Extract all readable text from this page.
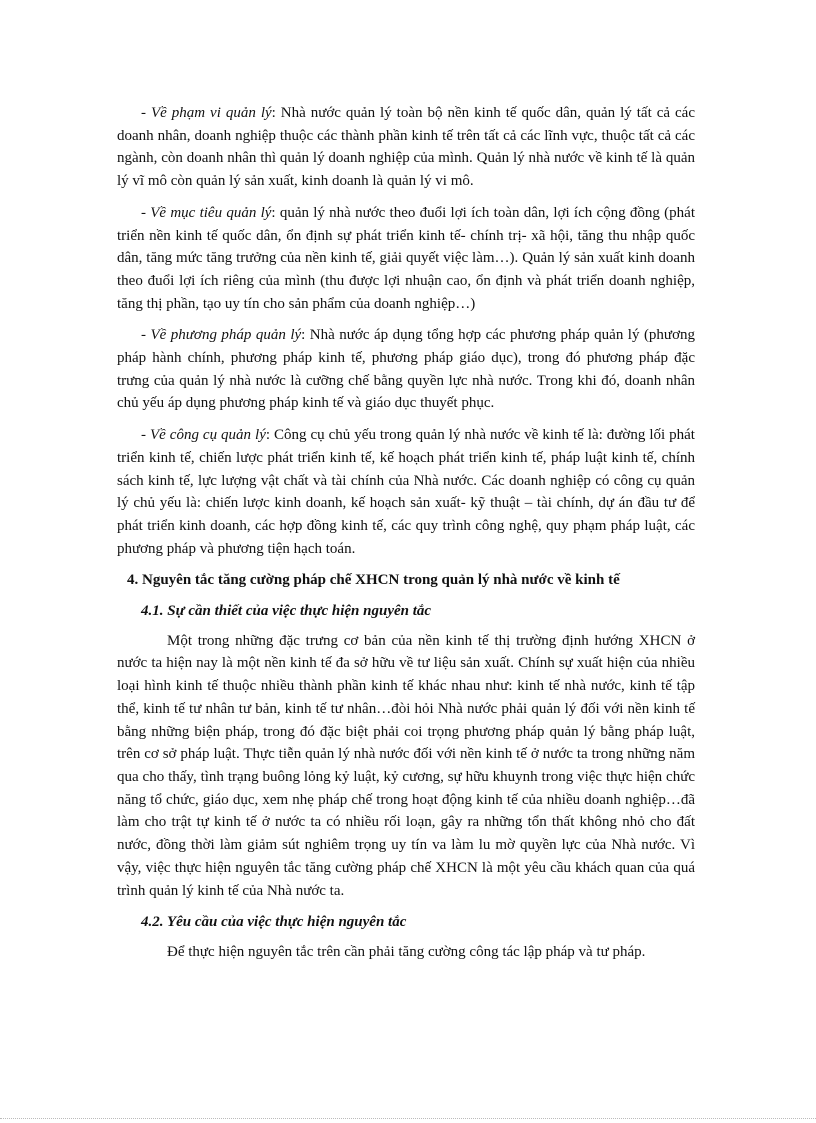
- Về phạm vi quản lý: Nhà nước quản lý toàn bộ nền kinh tế quốc dân, quản lý tất cả các doanh nhân, doanh nghiệp thuộc các thành phần kinh tế trên tất cả các lĩnh vực, thuộc tất cả các ngành, còn doanh nhân thì quản lý doanh nghiệp của mình. Quản lý nhà nước về kinh tế là quản lý vĩ mô còn quản lý sản xuất, kinh doanh là quản lý vi mô.

- Về mục tiêu quản lý: quản lý nhà nước theo đuổi lợi ích toàn dân, lợi ích cộng đồng (phát triển nền kinh tế quốc dân, ổn định sự phát triển kinh tế- chính trị- xã hội, tăng thu nhập quốc dân, tăng mức tăng trưởng của nền kinh tế, giải quyết việc làm…). Quản lý sản xuất kinh doanh theo đuổi lợi ích riêng của mình (thu được lợi nhuận cao, ổn định và phát triển doanh nghiệp, tăng thị phần, tạo uy tín cho sản phẩm của doanh nghiệp…)

- Về phương pháp quản lý: Nhà nước áp dụng tổng hợp các phương pháp quản lý (phương pháp hành chính, phương pháp kinh tế, phương pháp giáo dục), trong đó phương pháp đặc trưng của quản lý nhà nước là cưỡng chế bằng quyền lực nhà nước. Trong khi đó, doanh nhân chủ yếu áp dụng phương pháp kinh tế và giáo dục thuyết phục.

- Về công cụ quản lý: Công cụ chủ yếu trong quản lý nhà nước về kinh tế là: đường lối phát triển kinh tế, chiến lược phát triển kinh tế, kế hoạch phát triển kinh tế, pháp luật kinh tế, chính sách kinh tế, lực lượng vật chất và tài chính của Nhà nước. Các doanh nghiệp có công cụ quản lý chủ yếu là: chiến lược kinh doanh, kế hoạch sản xuất- kỹ thuật – tài chính, dự án đầu tư để phát triển kinh doanh, các hợp đồng kinh tế, các quy trình công nghệ, quy phạm pháp luật, các phương pháp và phương tiện hạch toán.

4. Nguyên tắc tăng cường pháp chế XHCN trong quản lý nhà nước về kinh tế
4.1. Sự cần thiết của việc thực hiện nguyên tắc

Một trong những đặc trưng cơ bản của nền kinh tế thị trường định hướng XHCN ở nước ta hiện nay là một nền kinh tế đa sở hữu về tư liệu sản xuất. Chính sự xuất hiện của nhiều loại hình kinh tế thuộc nhiều thành phần kinh tế khác nhau như: kinh tế nhà nước, kinh tế tập thể, kinh tế tư nhân tư bản, kinh tế tư nhân…đòi hỏi Nhà nước phải quản lý đối với nền kinh tế bằng những biện pháp, trong đó đặc biệt phải coi trọng phương pháp quản lý bằng pháp luật, trên cơ sở pháp luật. Thực tiễn quản lý nhà nước đối với nền kinh tế ở nước ta trong những năm qua cho thấy, tình trạng buông lỏng kỷ luật, kỷ cương, sự hữu khuynh trong việc thực hiện chức năng tổ chức, giáo dục, xem nhẹ pháp chế trong hoạt động kinh tế của nhiều doanh nghiệp…đã làm cho trật tự kinh tế ở nước ta có nhiều rối loạn, gây ra những tổn thất không nhỏ cho đất nước, đồng thời làm giảm sút nghiêm trọng uy tín va làm lu mờ quyền lực của Nhà nước. Vì vậy, việc thực hiện nguyên tắc tăng cường pháp chế XHCN là một yêu cầu khách quan của quá trình quản lý kinh tế của Nhà nước ta.

4.2. Yêu cầu của việc thực hiện nguyên tắc

Để thực hiện nguyên tắc trên cần phải tăng cường công tác lập pháp và tư pháp.
